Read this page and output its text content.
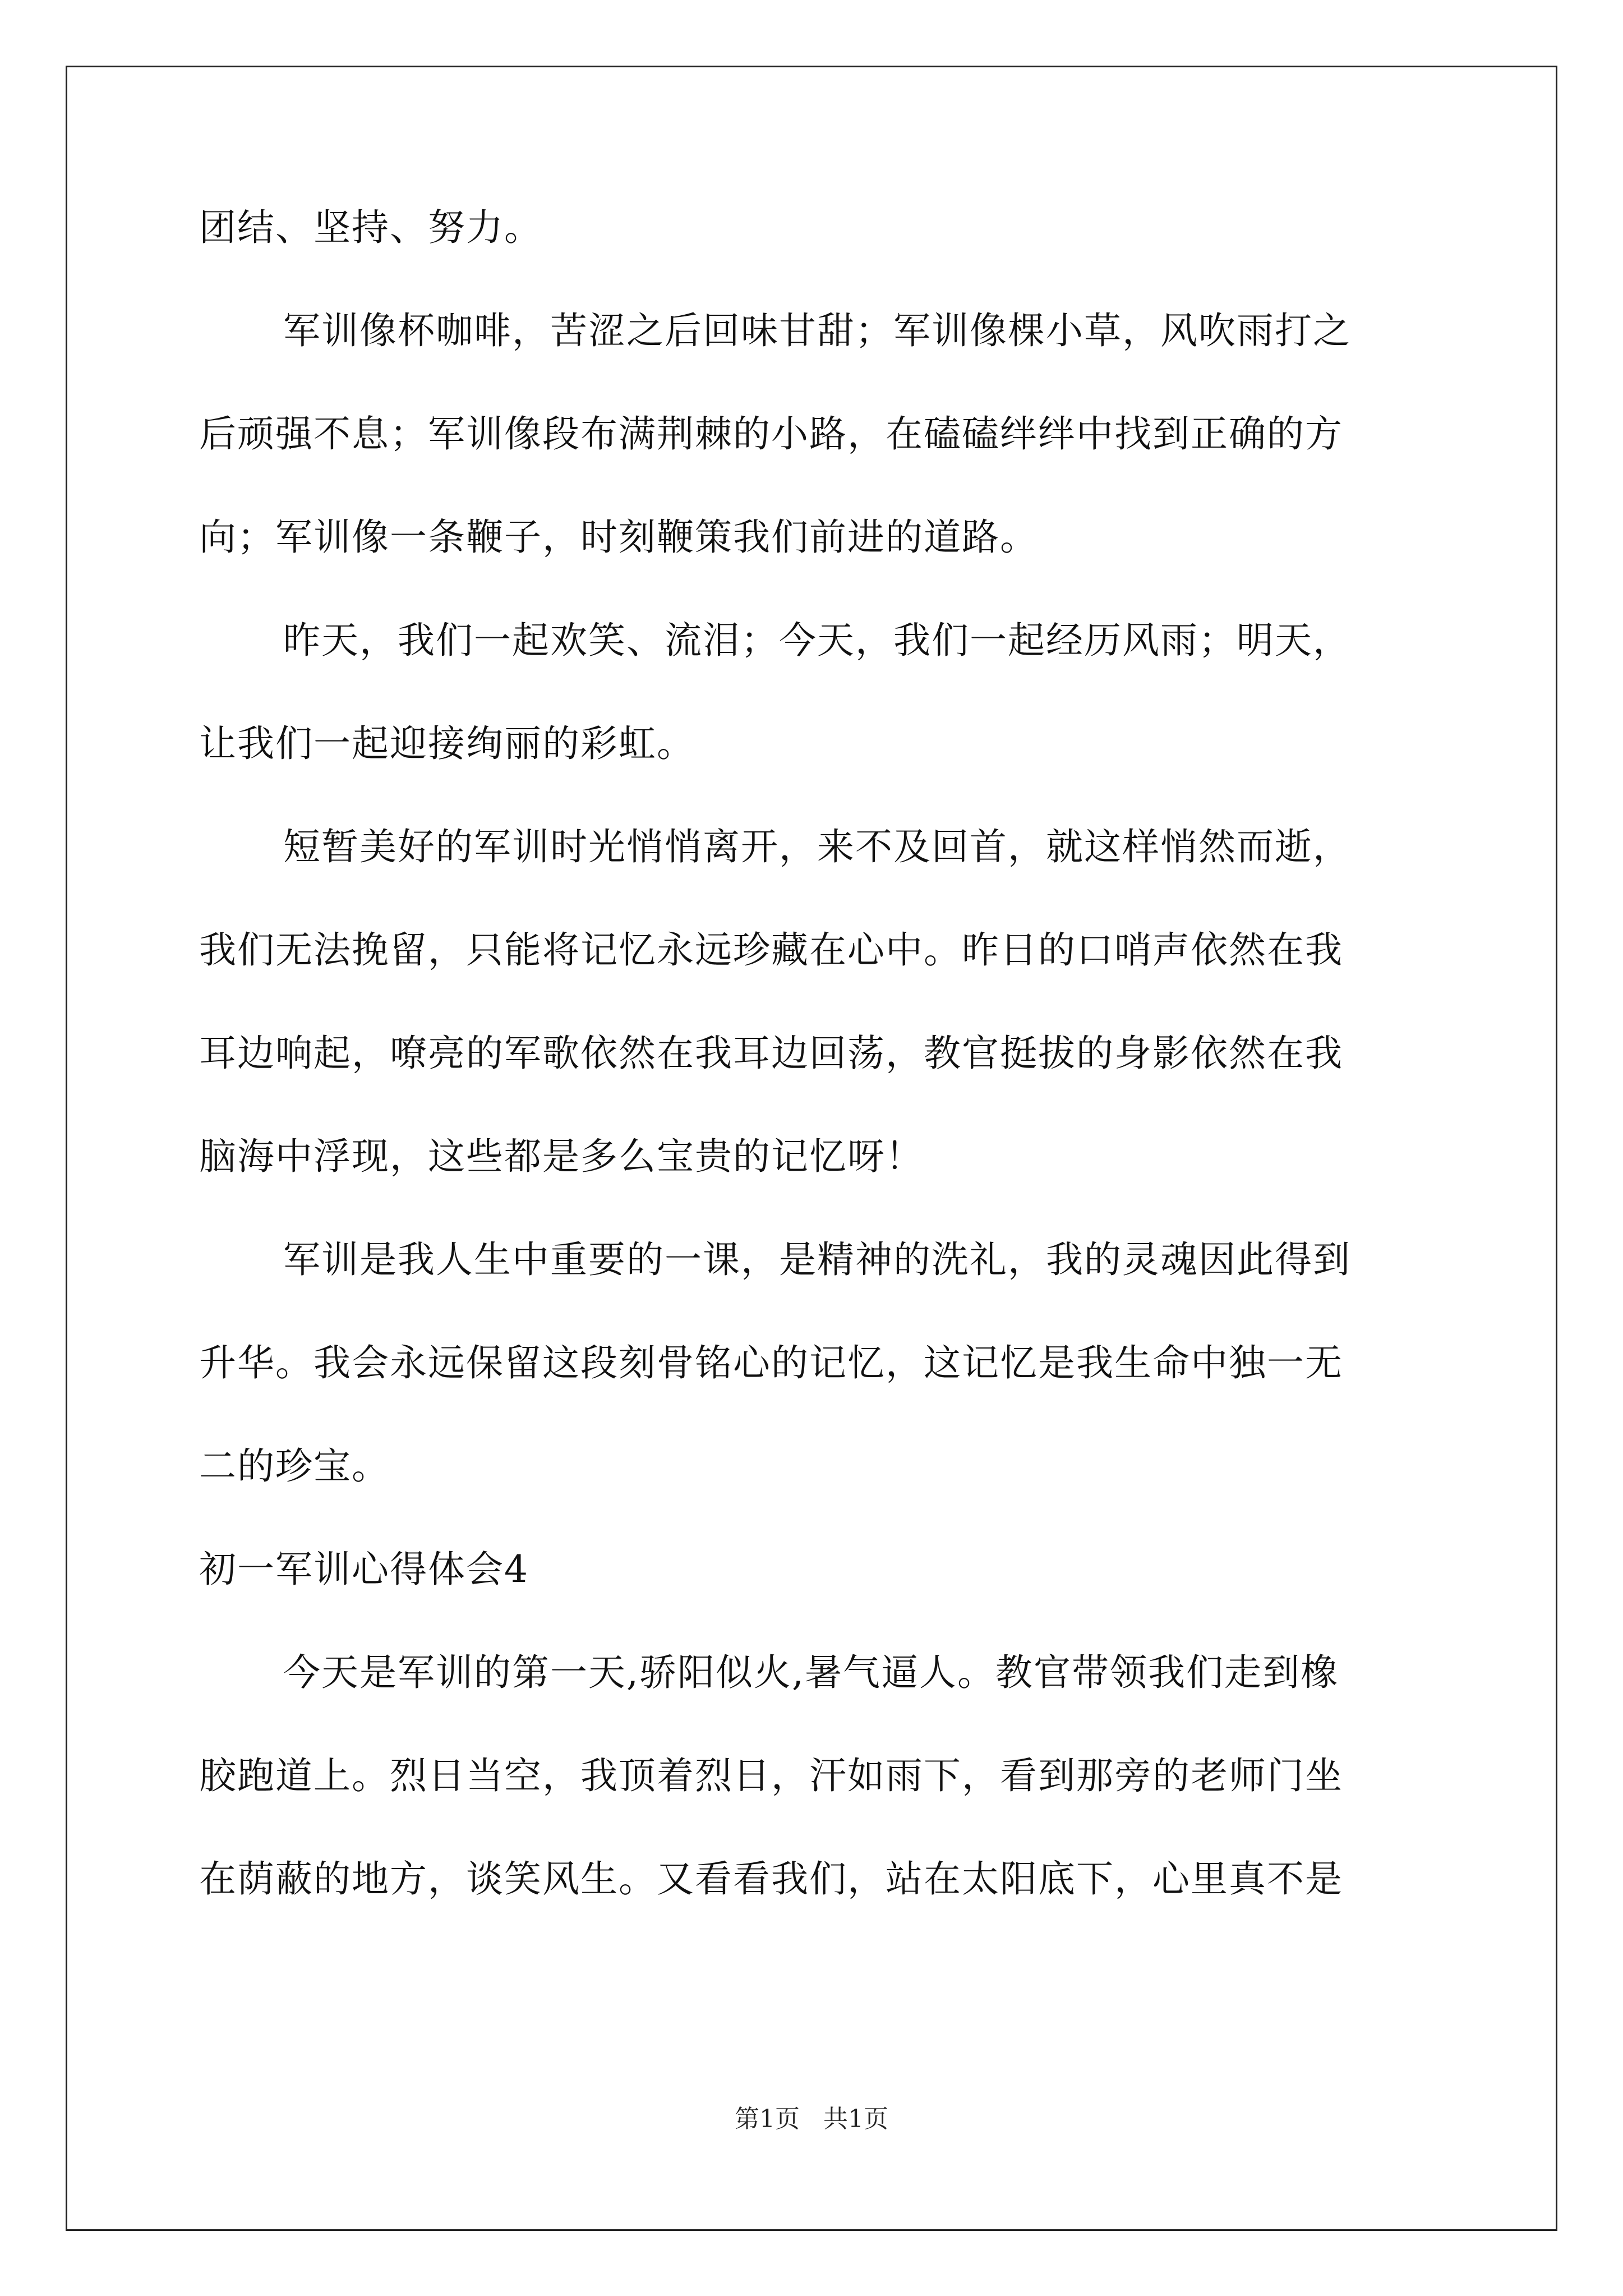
团结、坚持、努力。
军训像杯咖啡，苦涩之后回味甘甜；军训像棵小草，风吹雨打之
后顽强不息；军训像段布满荆棘的小路，在磕磕绊绊中找到正确的方
向；军训像一条鞭子，时刻鞭策我们前进的道路。
昨天，我们一起欢笑、流泪；今天，我们一起经历风雨；明天，
让我们一起迎接绚丽的彩虹。
短暂美好的军训时光悄悄离开，来不及回首，就这样悄然而逝，
我们无法挽留，只能将记忆永远珍藏在心中。昨日的口哨声依然在我
耳边响起，嘹亮的军歌依然在我耳边回荡，教官挺拔的身影依然在我
脑海中浮现，这些都是多么宝贵的记忆呀！
军训是我人生中重要的一课，是精神的洗礼，我的灵魂因此得到
升华。我会永远保留这段刻骨铭心的记忆，这记忆是我生命中独一无
二的珍宝。
初一军训心得体会4
今天是军训的第一天,骄阳似火,暑气逼人。教官带领我们走到橡
胶跑道上。烈日当空，我顶着烈日，汗如雨下，看到那旁的老师门坐
在荫蔽的地方，谈笑风生。又看看我们，站在太阳底下，心里真不是
第1页   共1页
